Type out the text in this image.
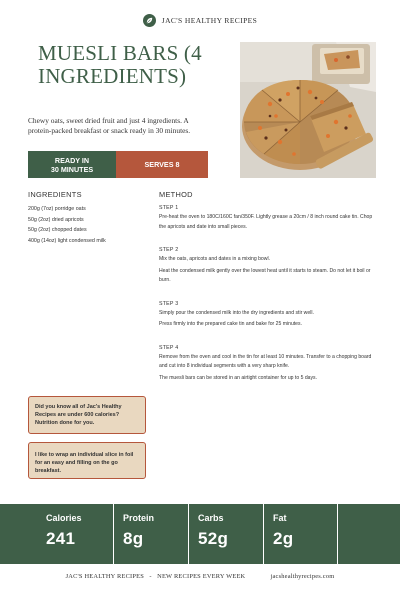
JAC'S HEALTHY RECIPES
MUESLI BARS (4 INGREDIENTS)

Chewy oats, sweet dried fruit and just 4 ingredients. A protein-packed breakfast or snack ready in 30 minutes.

READY IN
30 MINUTES	SERVES 8
INGREDIENTS
200g (7oz) porridge oats
50g (2oz) dried apricots
50g (2oz) chopped dates
400g (14oz) light condensed milk
METHOD
STEP 1

Pre-heat the oven to 180C/160C fan/350F. Lightly grease a 20cm / 8 inch round cake tin. Chop the apricots and date into small pieces.

STEP 2

Mix the oats, apricots and dates in a mixing bowl.

Heat the condensed milk gently over the lowest heat until it starts to steam. Do not let it boil or burn.

STEP 3

Simply pour the condensed milk into the dry ingredients and stir well.

Press firmly into the prepared cake tin and bake for 25 minutes.

STEP 4

Remove from the oven and cool in the tin for at least 10 minutes. Transfer to a chopping board and cut into 8 individual segments with a very sharp knife.

The muesli bars can be stored in an airtight container for up to 5 days.

Did you know all of Jac's Healthy Recipes are under 600 calories? Nutrition done for you.
I like to wrap an individual slice in foil for an easy and filling on the go breakfast.
Calories
241
Protein
8g
Carbs
52g
Fat
2g
JAC'S HEALTHY RECIPES
-
NEW RECIPES EVERY WEEK
	jacshealthyrecipes.com
